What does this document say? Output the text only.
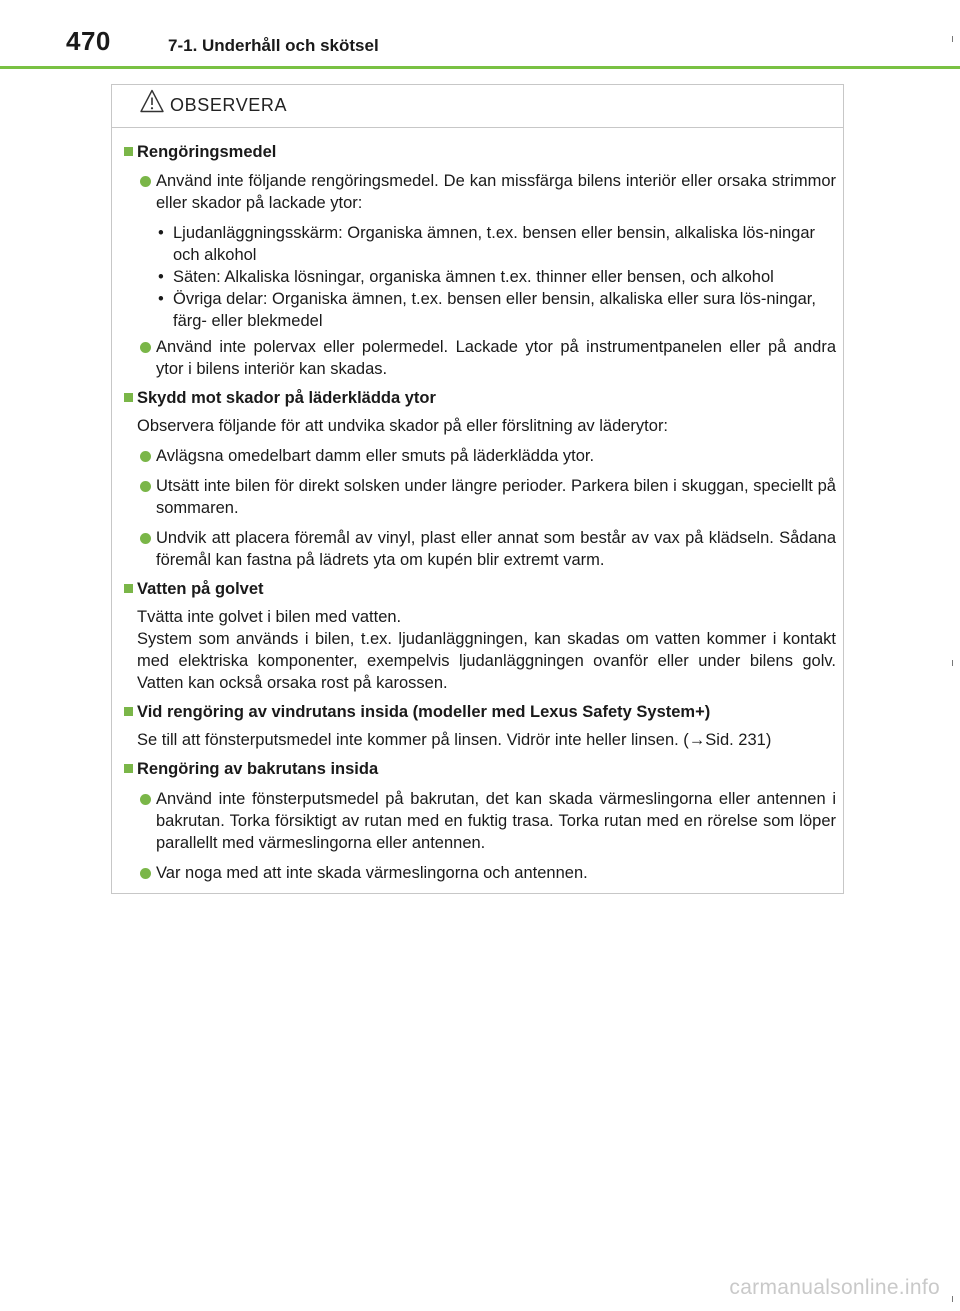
470	7-1. Underhåll och skötsel
OBSERVERA
Rengöringsmedel
Använd inte följande rengöringsmedel. De kan missfärga bilens interiör eller orsaka strimmor eller skador på lackade ytor:
• Ljudanläggningsskärm: Organiska ämnen, t.ex. bensen eller bensin, alkaliska lös-ningar och alkohol
• Säten: Alkaliska lösningar, organiska ämnen t.ex. thinner eller bensen, och alkohol
• Övriga delar: Organiska ämnen, t.ex. bensen eller bensin, alkaliska eller sura lös-ningar, färg- eller blekmedel
Använd inte polervax eller polermedel. Lackade ytor på instrumentpanelen eller på andra ytor i bilens interiör kan skadas.
Skydd mot skador på läderklädda ytor
Observera följande för att undvika skador på eller förslitning av läderytor:
Avlägsna omedelbart damm eller smuts på läderklädda ytor.
Utsätt inte bilen för direkt solsken under längre perioder. Parkera bilen i skuggan, speciellt på sommaren.
Undvik att placera föremål av vinyl, plast eller annat som består av vax på klädseln. Sådana föremål kan fastna på lädrets yta om kupén blir extremt varm.
Vatten på golvet
Tvätta inte golvet i bilen med vatten.
System som används i bilen, t.ex. ljudanläggningen, kan skadas om vatten kommer i kontakt med elektriska komponenter, exempelvis ljudanläggningen ovanför eller under bilens golv. Vatten kan också orsaka rost på karossen.
Vid rengöring av vindrutans insida (modeller med Lexus Safety System+)
Se till att fönsterputsmedel inte kommer på linsen. Vidrör inte heller linsen. (→Sid. 231)
Rengöring av bakrutans insida
Använd inte fönsterputsmedel på bakrutan, det kan skada värmeslingorna eller antennen i bakrutan. Torka försiktigt av rutan med en fuktig trasa. Torka rutan med en rörelse som löper parallellt med värmeslingorna eller antennen.
Var noga med att inte skada värmeslingorna och antennen.
carmanualsonline.info
